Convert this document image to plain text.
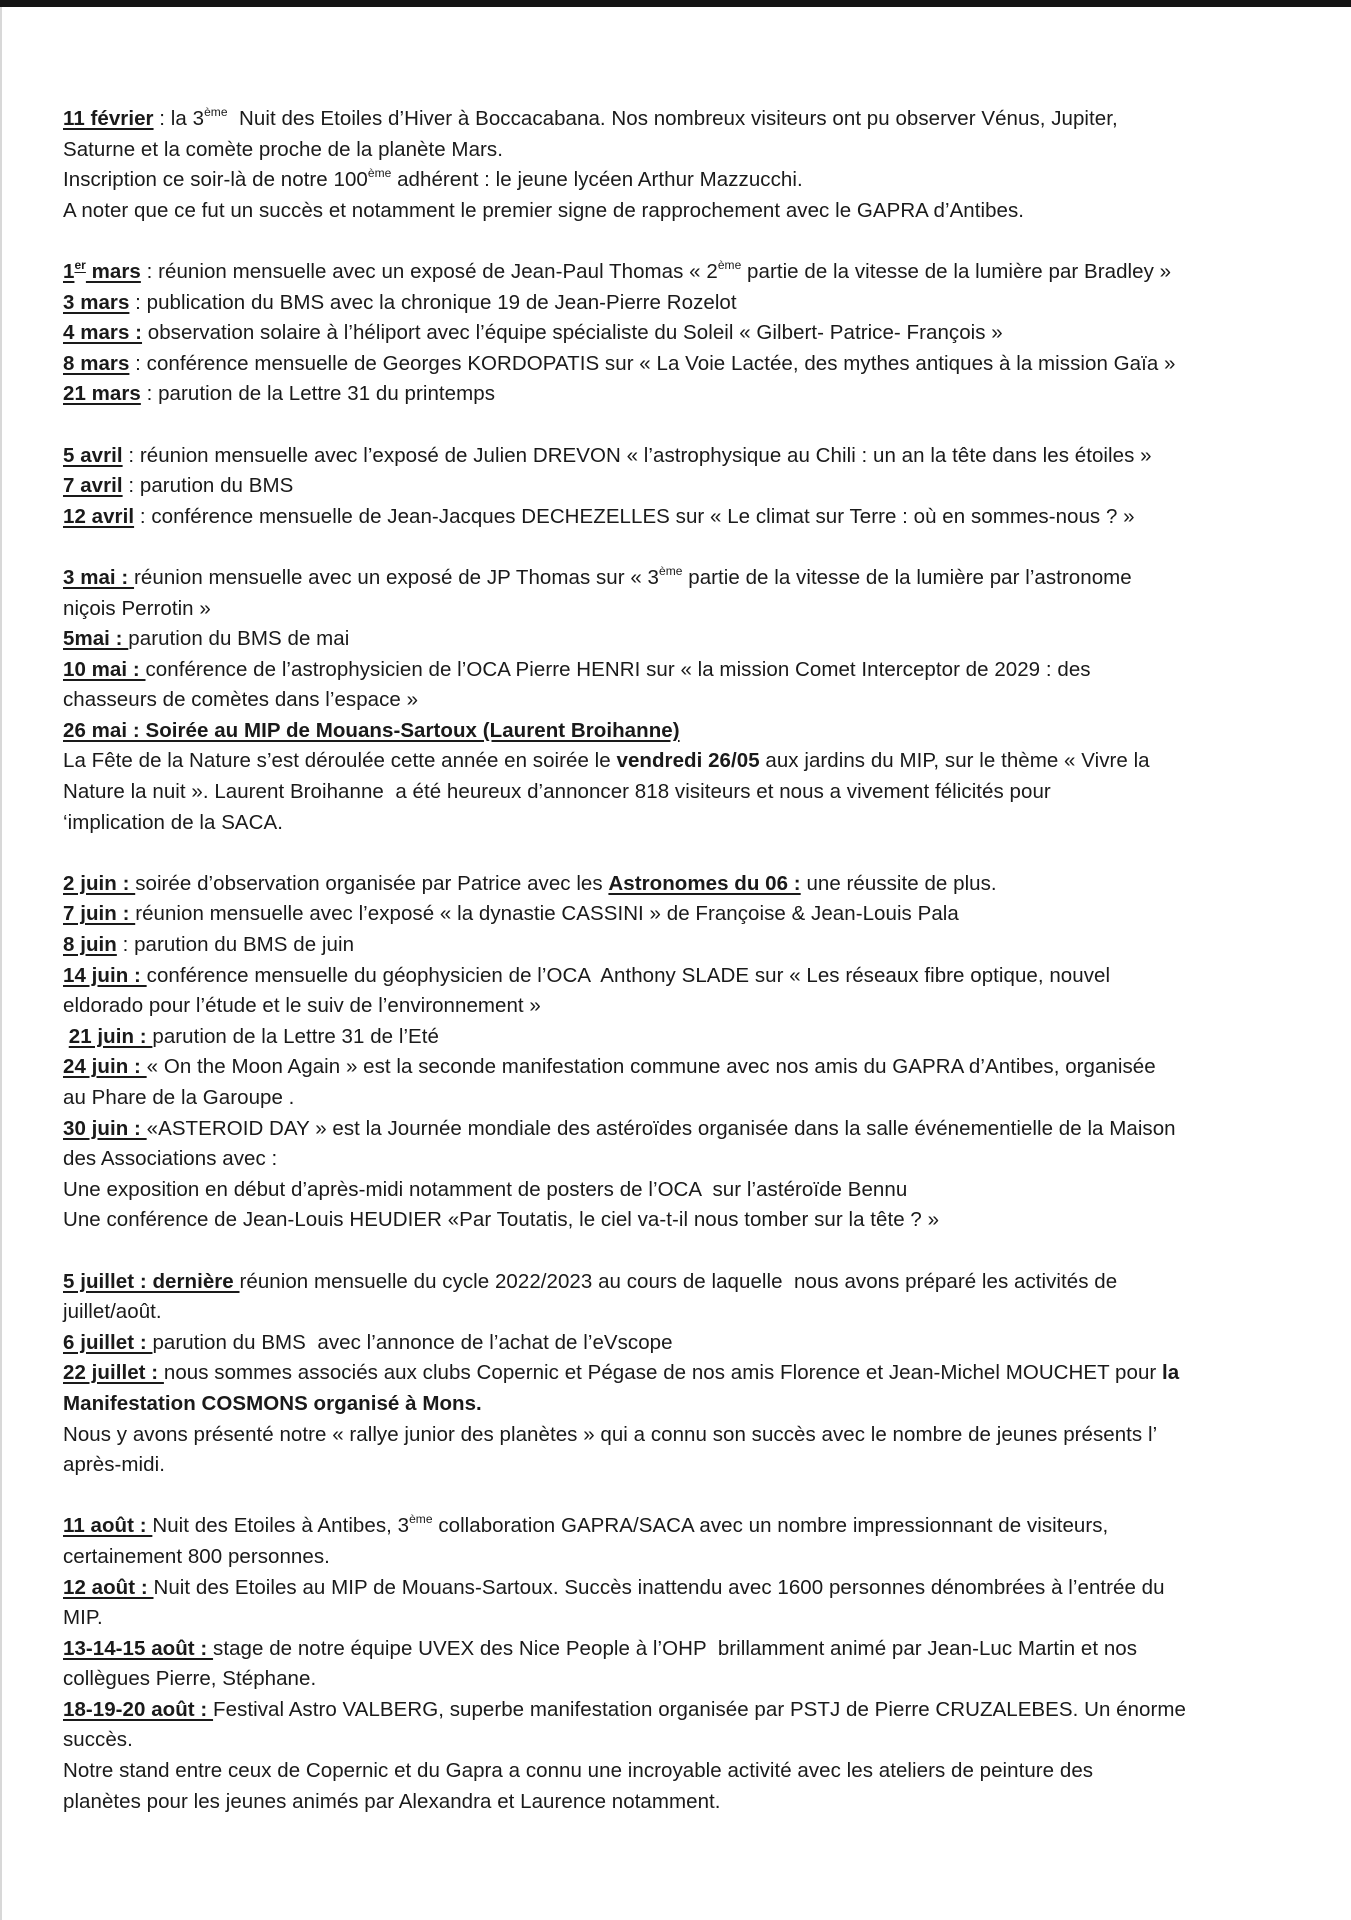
11 février : la 3ème  Nuit des Etoiles d’Hiver à Boccacabana. Nos nombreux visiteurs ont pu observer Vénus, Jupiter,
Saturne et la comète proche de la planète Mars.
Inscription ce soir-là de notre 100ème adhérent : le jeune lycéen Arthur Mazzucchi.
A noter que ce fut un succès et notamment le premier signe de rapprochement avec le GAPRA d’Antibes.
1er mars : réunion mensuelle avec un exposé de Jean-Paul Thomas « 2ème partie de la vitesse de la lumière par Bradley »
3 mars : publication du BMS avec la chronique 19 de Jean-Pierre Rozelot
4 mars : observation solaire à l’héliport avec l’équipe spécialiste du Soleil « Gilbert- Patrice- François »
8 mars : conférence mensuelle de Georges KORDOPATIS sur « La Voie Lactée, des mythes antiques à la mission Gaïa »
21 mars : parution de la Lettre 31 du printemps
5 avril : réunion mensuelle avec l’exposé de Julien DREVON « l’astrophysique au Chili : un an la tête dans les étoiles »
7 avril : parution du BMS
12 avril : conférence mensuelle de Jean-Jacques DECHEZELLES sur « Le climat sur Terre : où en sommes-nous ? »
3 mai : réunion mensuelle avec un exposé de JP Thomas sur « 3ème partie de la vitesse de la lumière par l’astronome
niçois Perrotin »
5mai : parution du BMS de mai
10 mai : conférence de l’astrophysicien de l’OCA Pierre HENRI sur « la mission Comet Interceptor de 2029 : des
chasseurs de comètes dans l’espace »
26 mai : Soirée au MIP de Mouans-Sartoux (Laurent Broihanne)
La Fête de la Nature s’est déroulée cette année en soirée le vendredi 26/05 aux jardins du MIP, sur le thème « Vivre la
Nature la nuit ». Laurent Broihanne  a été heureux d’annoncer 818 visiteurs et nous a vivement félicités pour
‘implication de la SACA.
2 juin : soirée d’observation organisée par Patrice avec les Astronomes du 06 : une réussite de plus.
7 juin : réunion mensuelle avec l’exposé « la dynastie CASSINI » de Françoise & Jean-Louis Pala
8 juin : parution du BMS de juin
14 juin : conférence mensuelle du géophysicien de l’OCA  Anthony SLADE sur « Les réseaux fibre optique, nouvel
eldorado pour l’étude et le suiv de l’environnement »
21 juin : parution de la Lettre 31 de l’Eté
24 juin : « On the Moon Again » est la seconde manifestation commune avec nos amis du GAPRA d’Antibes, organisée
au Phare de la Garoupe .
30 juin : «ASTEROID DAY » est la Journée mondiale des astéroïdes organisée dans la salle événementielle de la Maison
des Associations avec :
Une exposition en début d’après-midi notamment de posters de l’OCA  sur l’astéroïde Bennu
Une conférence de Jean-Louis HEUDIER «Par Toutatis, le ciel va-t-il nous tomber sur la tête ? »
5 juillet : dernière réunion mensuelle du cycle 2022/2023 au cours de laquelle  nous avons préparé les activités de
juillet/août.
6 juillet : parution du BMS  avec l’annonce de l’achat de l’eVscope
22 juillet : nous sommes associés aux clubs Copernic et Pégase de nos amis Florence et Jean-Michel MOUCHET pour la
Manifestation COSMONS organisé à Mons.
Nous y avons présenté notre « rallye junior des planètes » qui a connu son succès avec le nombre de jeunes présents l’
après-midi.
11 août : Nuit des Etoiles à Antibes, 3ème collaboration GAPRA/SACA avec un nombre impressionnant de visiteurs,
certainement 800 personnes.
12 août : Nuit des Etoiles au MIP de Mouans-Sartoux. Succès inattendu avec 1600 personnes dénombrées à l’entrée du
MIP.
13-14-15 août : stage de notre équipe UVEX des Nice People à l’OHP  brillamment animé par Jean-Luc Martin et nos
collègues Pierre, Stéphane.
18-19-20 août : Festival Astro VALBERG, superbe manifestation organisée par PSTJ de Pierre CRUZALEBES. Un énorme
succès.
Notre stand entre ceux de Copernic et du Gapra a connu une incroyable activité avec les ateliers de peinture des
planètes pour les jeunes animés par Alexandra et Laurence notamment.
